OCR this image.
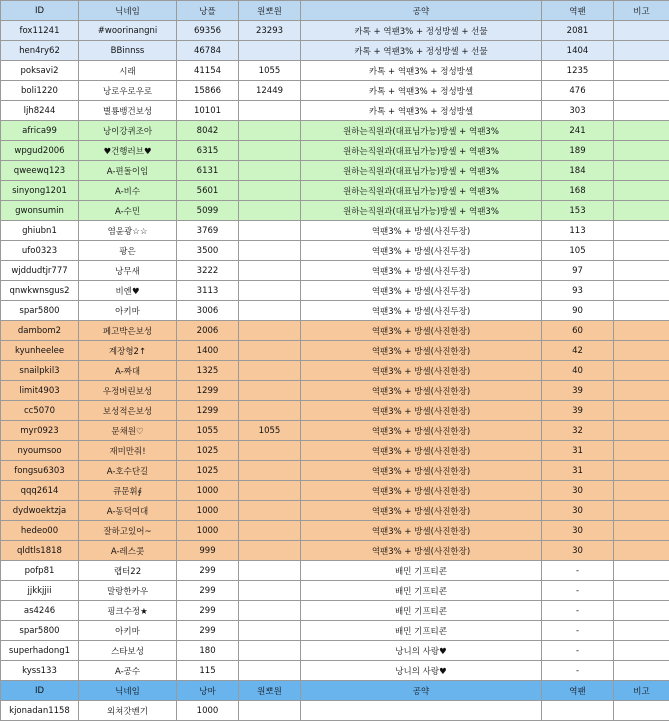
ID	닉네임	낭플	원뽀원	공약	역팬	비고
fox11241	#woorinangni	69356	23293	카톡 + 역팬3% + 정성방셀 + 선물	2081	
hen4ry62	BBinnss	46784		카톡 + 역팬3% + 정성방셀 + 선물	1404	
poksavi2	시래	41154	1055	카톡 + 역팬3% + 정성방셀	1235	
boli1220	낭로우로우로	15866	12449	카톡 + 역팬3% + 정성방셀	476	
ljh8244	별룡뱅건보성	10101		카톡 + 역팬3% + 정성방셀	303	
africa99	낭이강퀴조아	8042		원하는직원과(대표님가능)방셀 + 역팬3%	241	
wpgud2006	♥건행러브♥	6315		원하는직원과(대표님가능)방셀 + 역팬3%	189	
qweewq123	A-편돌이임	6131		원하는직원과(대표님가능)방셀 + 역팬3%	184	
sinyong1201	A-비수	5601		원하는직원과(대표님가능)방셀 + 역팬3%	168	
gwonsumin	A-수민	5099		원하는직원과(대표님가능)방셀 + 역팬3%	153	
ghiubn1	염윤광☆☆	3769		역팬3% + 방셀(사진두장)	113	
ufo0323	팡은	3500		역팬3% + 방셀(사진두장)	105	
wjddudtjr777	낭무새	3222		역팬3% + 방셀(사진두장)	97	
qnwkwnsgus2	비엔♥	3113		역팬3% + 방셀(사진두장)	93	
spar5800	아키마	3006		역팬3% + 방셀(사진두장)	90	
dambom2	페고박은보성	2006		역팬3% + 방셀(사진한장)	60	
kyunheelee	계장형2↑	1400		역팬3% + 방셀(사진한장)	42	
snailpkil3	A-짜대	1325		역팬3% + 방셀(사진한장)	40	
limit4903	우정버린보성	1299		역팬3% + 방셀(사진한장)	39	
cc5070	보성적은보성	1299		역팬3% + 방셀(사진한장)	39	
myr0923	문채원♡	1055	1055	역팬3% + 방셀(사진한장)	32	
nyoumsoo	재미만줘!	1025		역팬3% + 방셀(사진한장)	31	
fongsu6303	A-호수단길	1025		역팬3% + 방셀(사진한장)	31	
qqq2614	큐문휘∮	1000		역팬3% + 방셀(사진한장)	30	
dydwoektzja	A-동덕여대	1000		역팬3% + 방셀(사진한장)	30	
hedeo00	잘하고있어~	1000		역팬3% + 방셀(사진한장)	30	
qldtls1818	A-레스콧	999		역팬3% + 방셀(사진한장)	30	
pofp81	랩터22	299		배민 기프티콘	-	
jjkkjjii	말랑한카우	299		배민 기프티콘	-	
as4246	핑크수정★	299		배민 기프티콘	-	
spar5800	아키마	299		배민 기프티콘	-	
superhadong1	스타보성	180		낭니의 사랑♥	-	
kyss133	A-공수	115		낭니의 사랑♥	-	
ID	닉네임	낭마	원뽀원	공약	역팬	비고
kjonadan1158	외쳐갓벤기	1000				
